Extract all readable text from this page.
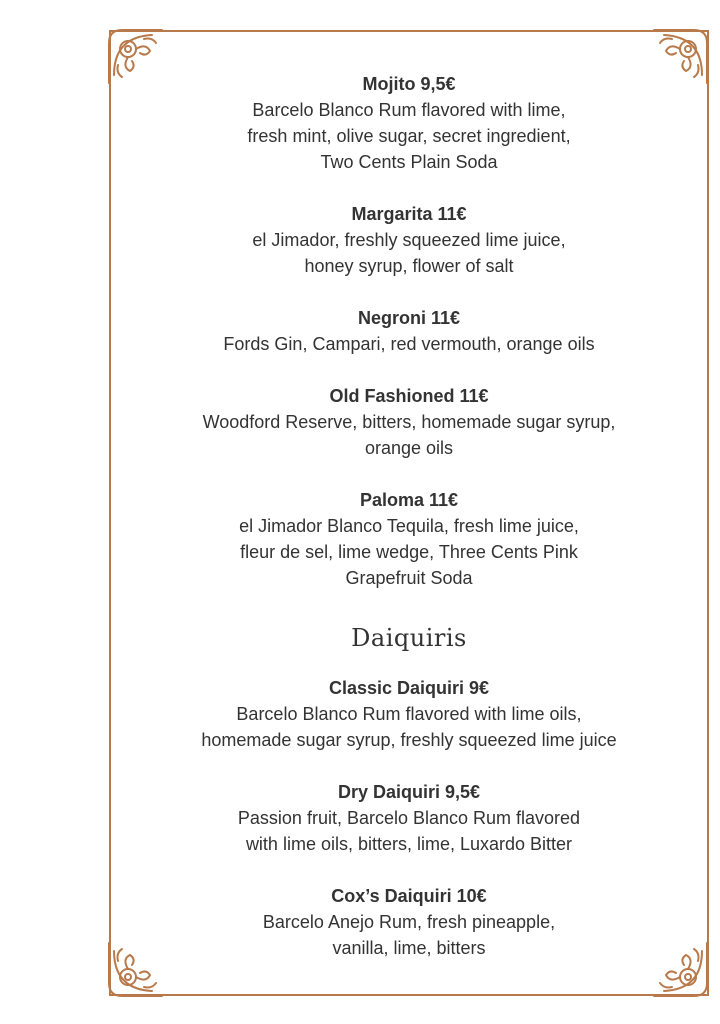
Mojito 9,5€
Barcelo Blanco Rum flavored with lime,
fresh mint, olive sugar, secret ingredient,
Two Cents Plain Soda
Margarita 11€
el Jimador, freshly squeezed lime juice,
honey syrup, flower of salt
Negroni 11€
Fords Gin, Campari, red vermouth, orange oils
Old Fashioned 11€
Woodford Reserve, bitters, homemade sugar syrup,
orange oils
Paloma 11€
el Jimador Blanco Tequila, fresh lime juice,
fleur de sel, lime wedge, Three Cents Pink
Grapefruit Soda
Daiquiris
Classic Daiquiri 9€
Barcelo Blanco Rum flavored with lime oils,
homemade sugar syrup, freshly squeezed lime juice
Dry Daiquiri 9,5€
Passion fruit, Barcelo Blanco Rum flavored
with lime oils, bitters, lime, Luxardo Bitter
Cox’s Daiquiri 10€
Barcelo Anejo Rum, fresh pineapple,
vanilla, lime, bitters
